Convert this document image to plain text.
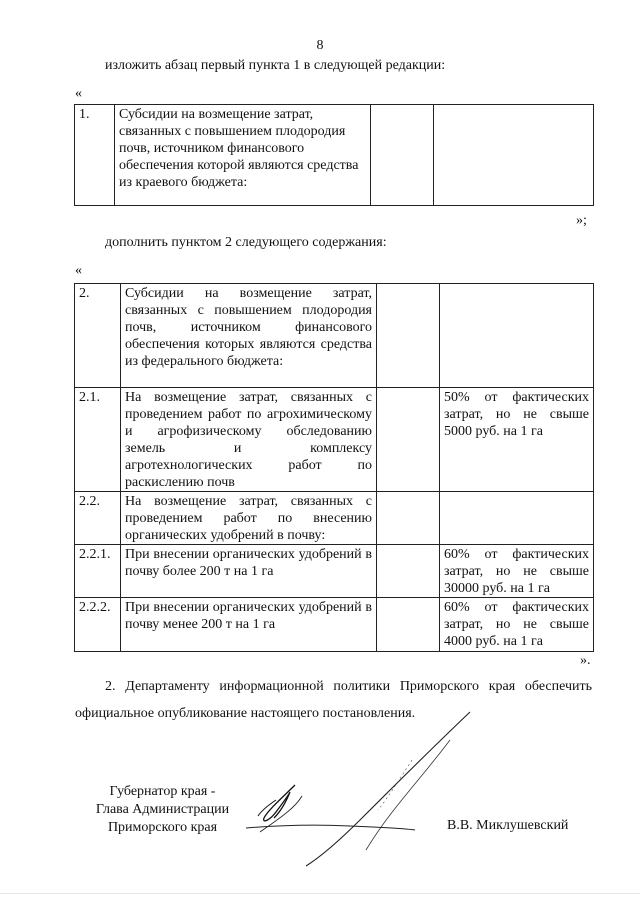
8
изложить абзац первый пункта 1 в следующей редакции:
«
1.	Субсидии на возмещение затрат, связанных с повышением плодородия почв, источником финансового обеспечения которой являются средства из краевого бюджета:		
»;
дополнить пунктом 2 следующего содержания:
«
2.	Субсидии на возмещение затрат, связанных с повышением плодородия почв, источником финансового обеспечения которых являются средства из федерального бюджета:		
2.1.	На возмещение затрат, связанных с проведением работ по агрохимическому и агрофизическому обследованию земель и комплексу агротехнологических работ по раскислению почв		50% от фактических затрат, но не свыше 5000 руб. на 1 га
2.2.	На возмещение затрат, связанных с проведением работ по внесению органических удобрений в почву:		
2.2.1.	При внесении органических удобрений в почву более 200 т на 1 га		60% от фактических затрат, но не свыше 30000 руб. на 1 га
2.2.2.	При внесении органических удобрений в почву менее 200 т на 1 га		60% от фактических затрат, но не свыше 4000 руб. на 1 га
».
2. Департаменту информационной политики Приморского края обеспечить
официальное опубликование настоящего постановления.
Губернатор края -
Глава Администрации
Приморского края	В.В. Миклушевский
